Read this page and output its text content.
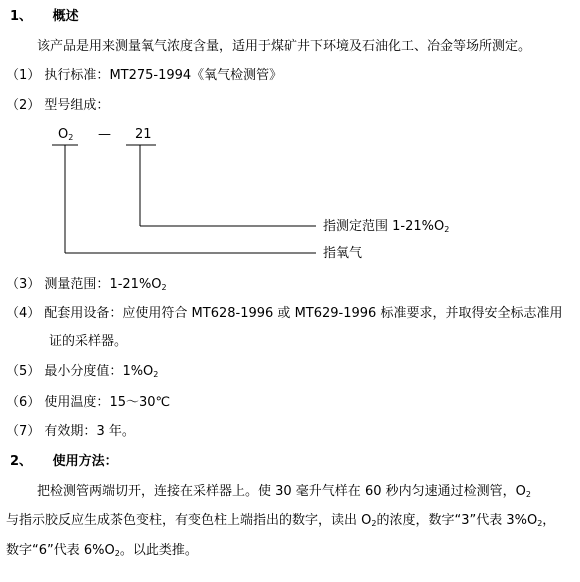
1、 概述
该产品是用来测量氧气浓度含量，适用于煤矿井下环境及石油化工、冶金等场所测定。
（1） 执行标准：MT275-1994《氧气检测管》
（2） 型号组成：
$O_2$ — 21
指测定范围 $1-21\%O_2$
指氧气
（3） 测量范围：$1-21\%O_2$
（4） 配套用设备：应使用符合 MT628-1996 或 MT629-1996 标准要求，并取得安全标志准用
证的采样器。
（5） 最小分度值：$1\%O_2$
（6） 使用温度：15～30℃
（7） 有效期：3 年。
2、 使用方法：
把检测管两端切开，连接在采样器上。使 30 毫升气样在 60 秒内匀速通过检测管，$O_2$
与指示胶反应生成茶色变柱，有变色柱上端指出的数字，读出 $O_2$的浓度，数字“3”代表 $3\%O_2$，
数字“6”代表 $6\%O_2$。以此类推。
